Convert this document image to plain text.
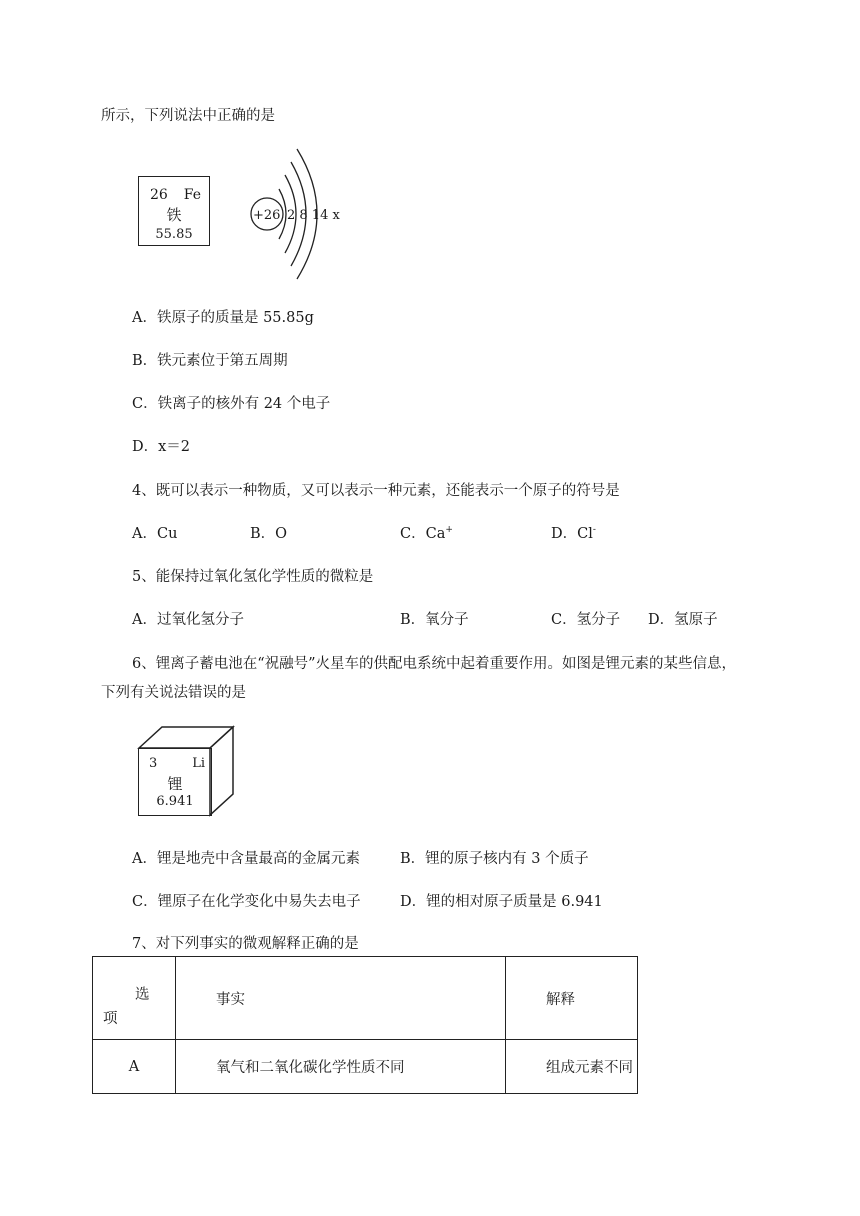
所示，下列说法中正确的是
26 Fe
铁
55.85
+26 2 8 14 x
A．铁原子的质量是 55.85g
B．铁元素位于第五周期
C．铁离子的核外有 24 个电子
D．x＝2
4、既可以表示一种物质，又可以表示一种元素，还能表示一个原子的符号是
A．Cu	B．O	C．Ca+	D．Cl-
5、能保持过氧化氢化学性质的微粒是
A．过氧化氢分子	B．氧分子	C．氢分子 D．氢原子
6、锂离子蓄电池在“祝融号”火星车的供配电系统中起着重要作用。如图是锂元素的某些信息，
下列有关说法错误的是
3	Li
锂
6.941
A．锂是地壳中含量最高的金属元素	B．锂的原子核内有 3 个质子
C．锂原子在化学变化中易失去电子	D．锂的相对原子质量是 6.941
7、对下列事实的微观解释正确的是
选
项	事实	解释
A	氧气和二氧化碳化学性质不同	组成元素不同
